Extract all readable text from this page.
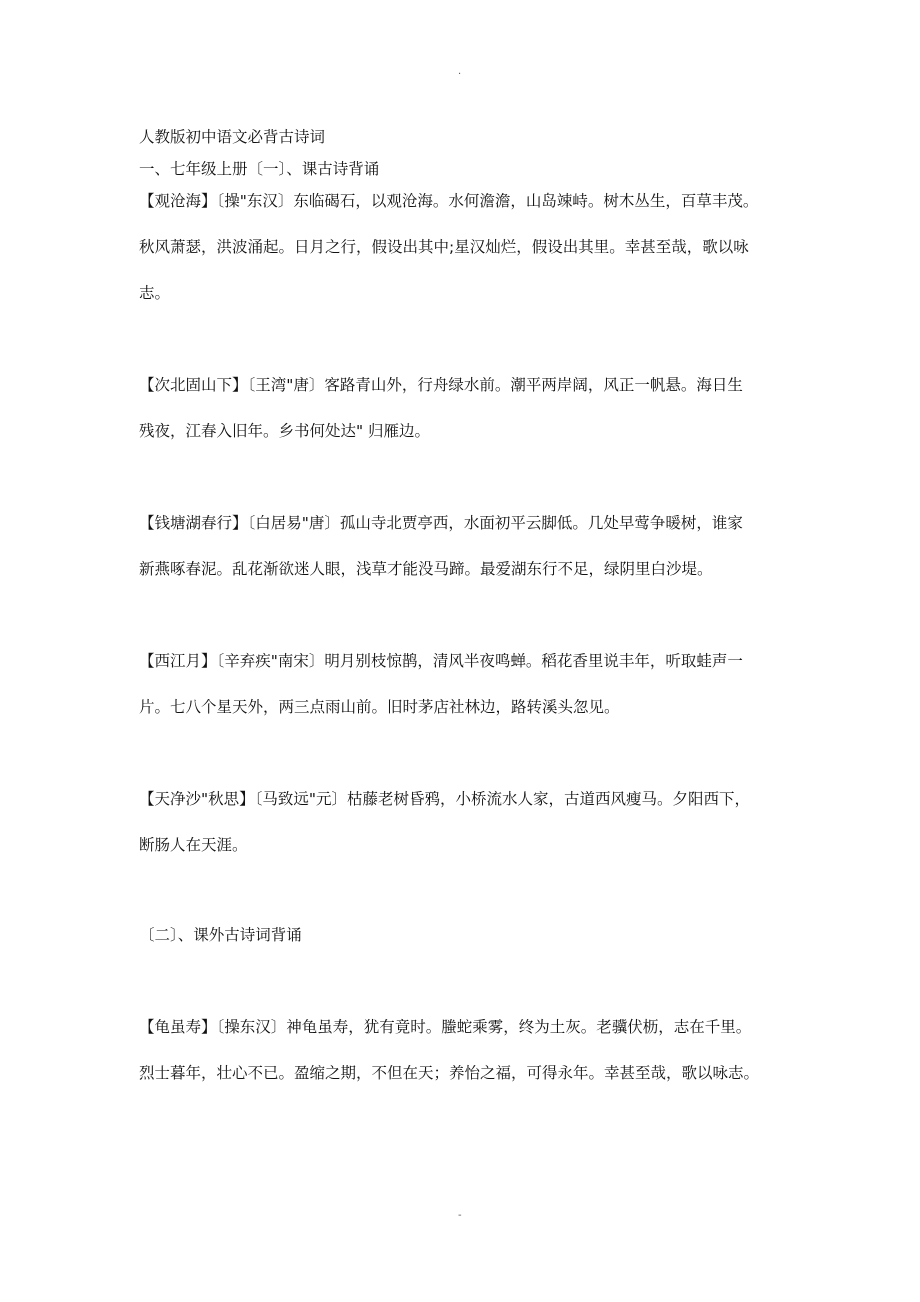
.

人教版初中语文必背古诗词

一、七年级上册〔一〕、课古诗背诵

【观沧海】〔操"东汉〕东临碣石，以观沧海。水何澹澹，山岛竦峙。树木丛生，百草丰茂。

秋风萧瑟，洪波涌起。日月之行，假设出其中;星汉灿烂，假设出其里。幸甚至哉，歌以咏

志。

【次北固山下】〔王湾"唐〕客路青山外，行舟绿水前。潮平两岸阔，风正一帆悬。海日生

残夜，江春入旧年。乡书何处达" 归雁边。

【钱塘湖春行】〔白居易"唐〕孤山寺北贾亭西，水面初平云脚低。几处早莺争暖树，谁家

新燕啄春泥。乱花渐欲迷人眼，浅草才能没马蹄。最爱湖东行不足，绿阴里白沙堤。

【西江月】〔辛弃疾"南宋〕明月别枝惊鹊，清风半夜鸣蝉。稻花香里说丰年，听取蛙声一

片。七八个星天外，两三点雨山前。旧时茅店社林边，路转溪头忽见。

【天净沙"秋思】〔马致远"元〕枯藤老树昏鸦，小桥流水人家，古道西风瘦马。夕阳西下，

断肠人在天涯。

〔二〕、课外古诗词背诵

【龟虽寿】〔操东汉〕神龟虽寿，犹有竟时。螣蛇乘雾，终为土灰。老骥伏枥，志在千里。

烈士暮年，壮心不已。盈缩之期，不但在天；养怡之福，可得永年。幸甚至哉，歌以咏志。

-
